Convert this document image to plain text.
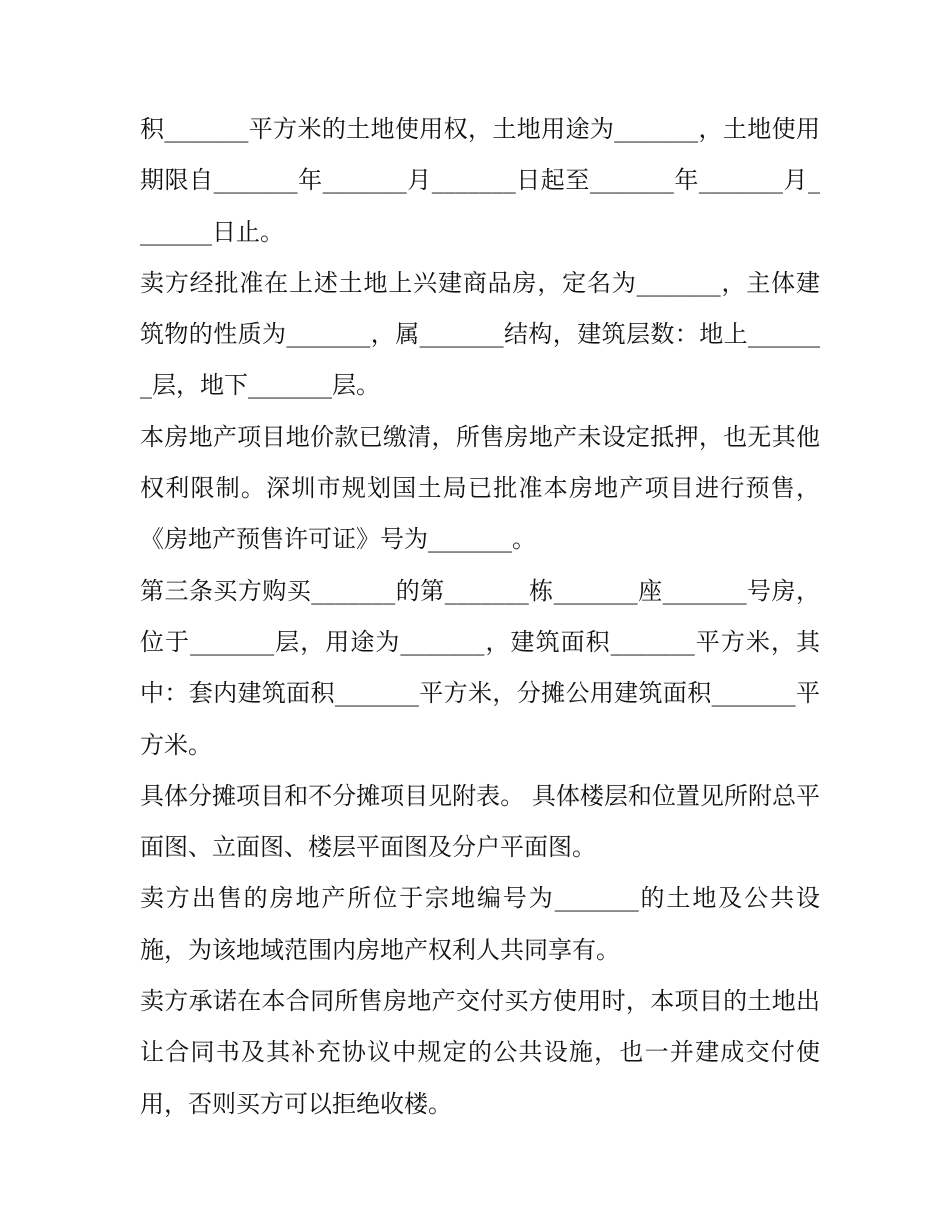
积_______平方米的土地使用权，土地用途为_______，土地使用期限自_______年_______月_______日起至_______年_______月_______日止。

卖方经批准在上述土地上兴建商品房，定名为_______，主体建筑物的性质为_______，属_______结构，建筑层数：地上_______层，地下_______层。

本房地产项目地价款已缴清，所售房地产未设定抵押，也无其他权利限制。深圳市规划国土局已批准本房地产项目进行预售，《房地产预售许可证》号为_______。

第三条买方购买_______的第_______栋_______座_______号房，位于_______层，用途为_______，建筑面积_______平方米，其中：套内建筑面积_______平方米，分摊公用建筑面积_______平方米。

具体分摊项目和不分摊项目见附表。 具体楼层和位置见所附总平面图、立面图、楼层平面图及分户平面图。

卖方出售的房地产所位于宗地编号为_______的土地及公共设施，为该地域范围内房地产权利人共同享有。

卖方承诺在本合同所售房地产交付买方使用时，本项目的土地出让合同书及其补充协议中规定的公共设施，也一并建成交付使用，否则买方可以拒绝收楼。
